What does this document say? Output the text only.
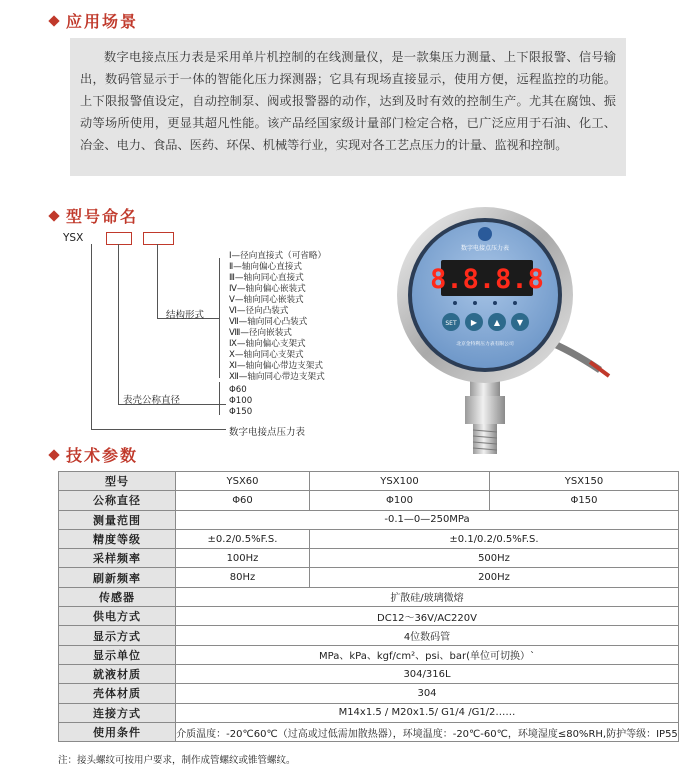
应用场景
数字电接点压力表是采用单片机控制的在线测量仪，是一款集压力测量、上下限报警、信号输出，数码管显示于一体的智能化压力探测器；它具有现场直接显示，使用方便，远程监控的功能。上下限报警值设定，自动控制泵、阀或报警器的动作，达到及时有效的控制生产。尤其在腐蚀、振动等场所使用，更显其超凡性能。该产品经国家级计量部门检定合格，已广泛应用于石油、化工、冶金、电力、食品、医药、环保、机械等行业，实现对各工艺点压力的计量、监视和控制。
型号命名
YSX
结构形式
表壳公称直径
数字电接点压力表
Ⅰ—径向直接式（可省略）
Ⅱ—轴向偏心直接式
Ⅲ—轴向同心直接式
Ⅳ—轴向偏心嵌装式
Ⅴ—轴向同心嵌装式
Ⅵ—径向凸装式
Ⅶ—轴向同心凸装式
Ⅷ—径向嵌装式
Ⅸ—轴向偏心支架式
Ⅹ—轴向同心支架式
Ⅺ—轴向偏心带边支架式
Ⅻ—轴向同心带边支架式
Φ60
Φ100
Φ150
数字电接点压力表
8.8.8.8
SET ▶ ▲ ▼
北京金特利压力表有限公司
技术参数
型号	YSX60	YSX100	YSX150
公称直径	Φ60	Φ100	Φ150
测量范围	-0.1—0—250MPa		
精度等级	±0.2/0.5%F.S.	±0.1/0.2/0.5%F.S.	
采样频率	100Hz	500Hz	
刷新频率	80Hz	200Hz	
传感器	扩散硅/玻璃微熔		
供电方式	DC12～36V/AC220V		
显示方式	4位数码管		
显示单位	MPa、kPa、kgf/cm²、psi、bar(单位可切换）`		
就液材质	304/316L		
壳体材质	304		
连接方式	M14x1.5 / M20x1.5/ G1/4 /G1/2……		
使用条件	介质温度：-20℃60℃（过高或过低需加散热器），环境温度：-20℃-60℃，环境湿度≤80%RH,防护等级：IP55		
注：接头螺纹可按用户要求，制作成管螺纹或锥管螺纹。
